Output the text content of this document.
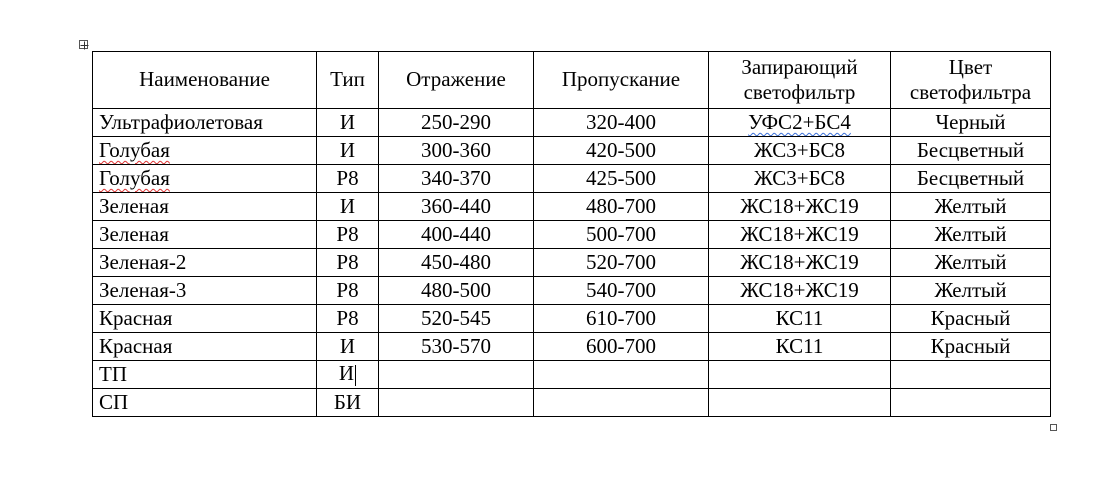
Наименование	Тип	Отражение	Пропускание	Запирающий светофильтр	Цвет светофильтра
Ультрафиолетовая	И	250-290	320-400	УФС2+БС4	Черный
Голубая	И	300-360	420-500	ЖС3+БС8	Бесцветный
Голубая	Р8	340-370	425-500	ЖС3+БС8	Бесцветный
Зеленая	И	360-440	480-700	ЖС18+ЖС19	Желтый
Зеленая	Р8	400-440	500-700	ЖС18+ЖС19	Желтый
Зеленая-2	Р8	450-480	520-700	ЖС18+ЖС19	Желтый
Зеленая-3	Р8	480-500	540-700	ЖС18+ЖС19	Желтый
Красная	Р8	520-545	610-700	КС11	Красный
Красная	И	530-570	600-700	КС11	Красный
ТП	И				
СП	БИ				
